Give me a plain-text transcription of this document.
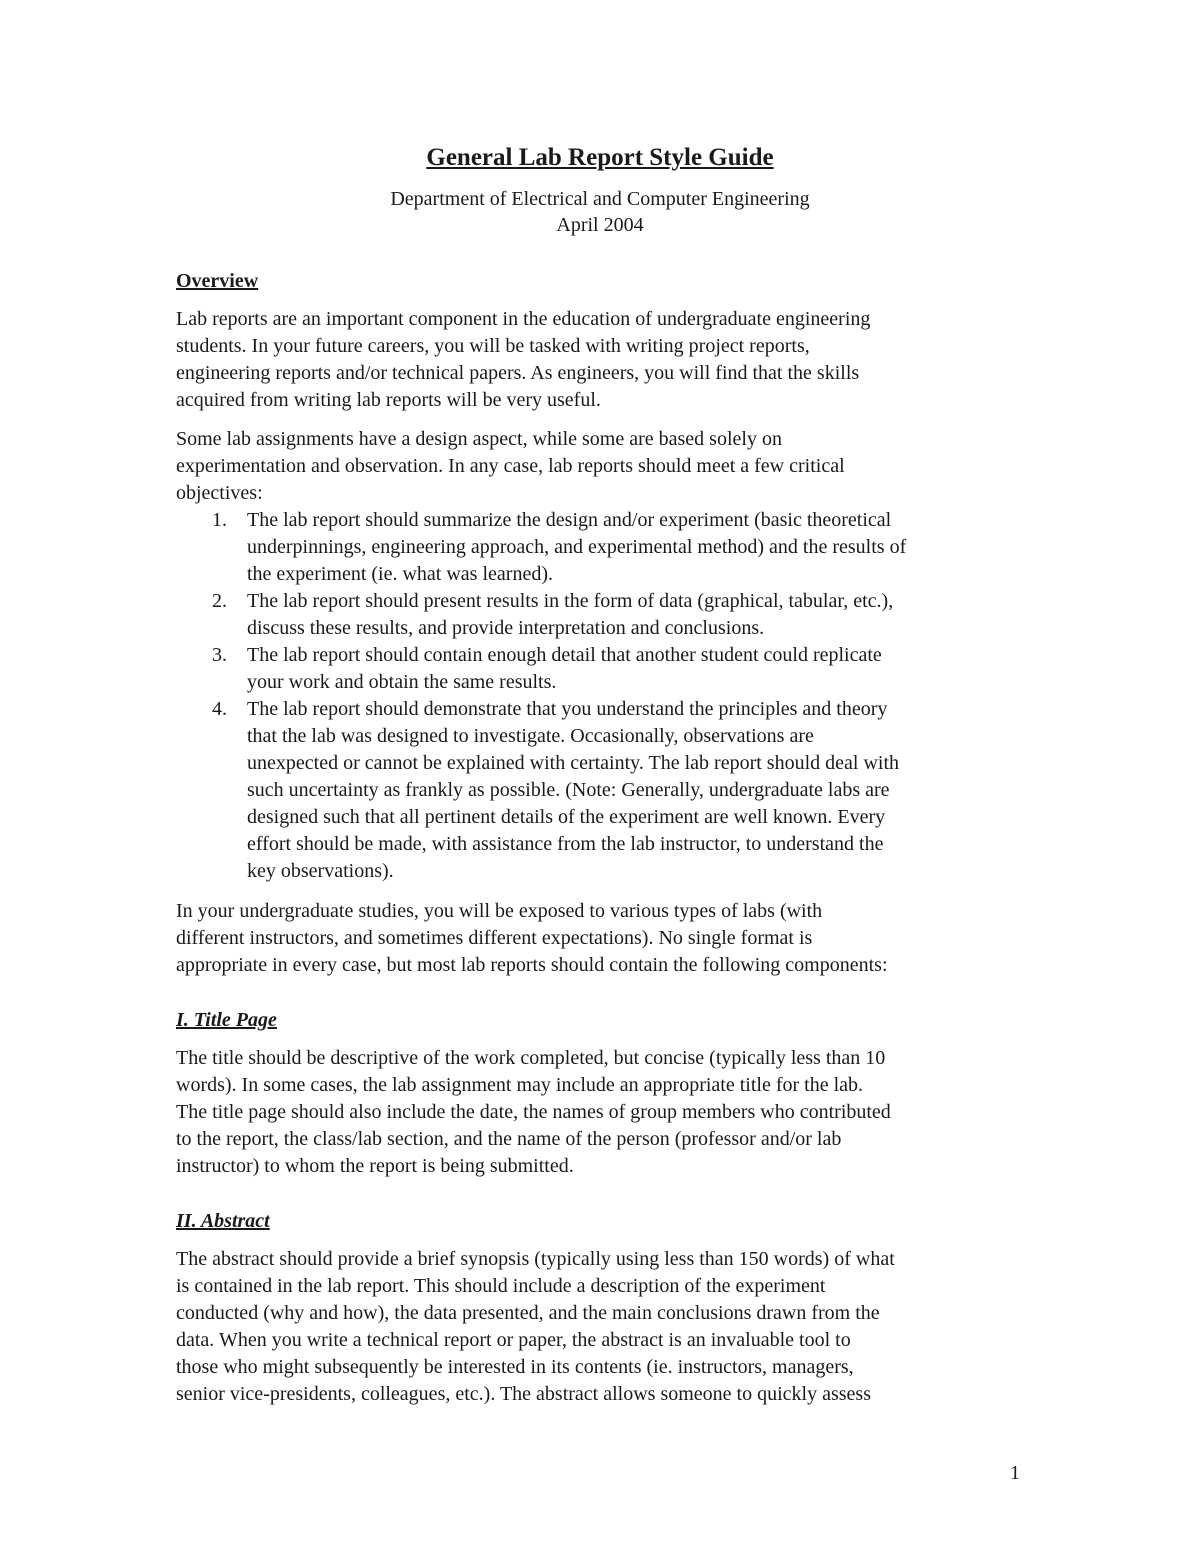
General Lab Report Style Guide
Department of Electrical and Computer Engineering
April 2004
Overview
Lab reports are an important component in the education of undergraduate engineering
students. In your future careers, you will be tasked with writing project reports,
engineering reports and/or technical papers. As engineers, you will find that the skills
acquired from writing lab reports will be very useful.
Some lab assignments have a design aspect, while some are based solely on
experimentation and observation. In any case, lab reports should meet a few critical
objectives:
1. The lab report should summarize the design and/or experiment (basic theoretical
underpinnings, engineering approach, and experimental method) and the results of
the experiment (ie. what was learned).
2. The lab report should present results in the form of data (graphical, tabular, etc.),
discuss these results, and provide interpretation and conclusions.
3. The lab report should contain enough detail that another student could replicate
your work and obtain the same results.
4. The lab report should demonstrate that you understand the principles and theory
that the lab was designed to investigate. Occasionally, observations are
unexpected or cannot be explained with certainty. The lab report should deal with
such uncertainty as frankly as possible. (Note: Generally, undergraduate labs are
designed such that all pertinent details of the experiment are well known. Every
effort should be made, with assistance from the lab instructor, to understand the
key observations).
In your undergraduate studies, you will be exposed to various types of labs (with
different instructors, and sometimes different expectations). No single format is
appropriate in every case, but most lab reports should contain the following components:
I. Title Page
The title should be descriptive of the work completed, but concise (typically less than 10
words). In some cases, the lab assignment may include an appropriate title for the lab.
The title page should also include the date, the names of group members who contributed
to the report, the class/lab section, and the name of the person (professor and/or lab
instructor) to whom the report is being submitted.
II. Abstract
The abstract should provide a brief synopsis (typically using less than 150 words) of what
is contained in the lab report. This should include a description of the experiment
conducted (why and how), the data presented, and the main conclusions drawn from the
data. When you write a technical report or paper, the abstract is an invaluable tool to
those who might subsequently be interested in its contents (ie. instructors, managers,
senior vice-presidents, colleagues, etc.). The abstract allows someone to quickly assess
1
